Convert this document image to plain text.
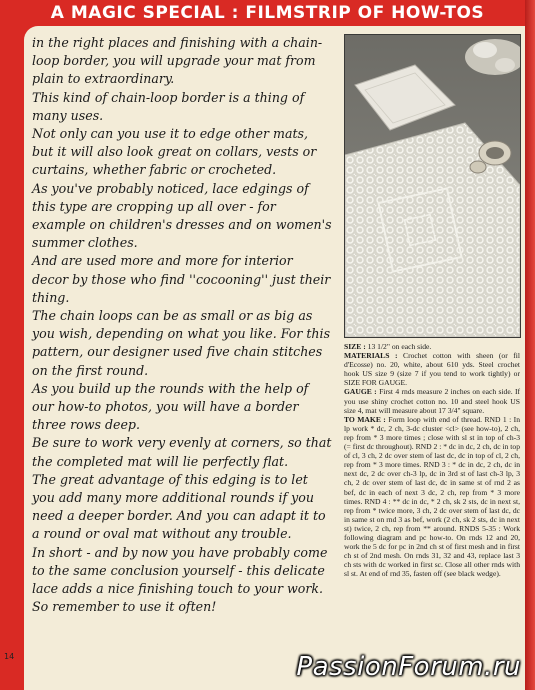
A MAGIC SPECIAL : FILMSTRIP OF HOW-TOS

in the right places and finishing with a chain-loop border, you will upgrade your mat from plain to extraordinary.

This kind of chain-loop border is a thing of many uses.

Not only can you use it to edge other mats, but it will also look great on collars, vests or curtains, whether fabric or crocheted.

As you've probably noticed, lace edgings of this type are cropping up all over - for example on children's dresses and on women's summer clothes.

And are used more and more for interior decor by those who find ''cocooning'' just their thing.

The chain loops can be as small or as big as you wish, depending on what you like. For this pattern, our designer used five chain stitches on the first round.

As you build up the rounds with the help of our how-to photos, you will have a border three rows deep.

Be sure to work very evenly at corners, so that the completed mat will lie perfectly flat.

The great advantage of this edging is to let you add many more additional rounds if you need a deeper border. And you can adapt it to a round or oval mat without any trouble.

In short - and by now you have probably come to the same conclusion yourself - this delicate lace adds a nice finishing touch to your work.

So remember to use it often!

SIZE : 13 1/2" on each side.

MATERIALS : Crochet cotton with sheen (or fil d'Ecosse) no. 20, white, about 610 yds. Steel crochet hook US size 9 (size 7 if you tend to work tightly) or SIZE FOR GAUGE.

GAUGE : First 4 rnds measure 2 inches on each side. If you use shiny crochet cotton no. 10 and steel hook US size 4, mat will measure about 17 3/4" square.

TO MAKE : Form loop with end of thread. RND 1 : In lp work * dc, 2 ch, 3-dc cluster <cl> (see how-to), 2 ch, rep from * 3 more times ; close with sl st in top of ch-3 (= first dc throughout). RND 2 : * dc in dc, 2 ch, dc in top of cl, 3 ch, 2 dc over stem of last dc, dc in top of cl, 2 ch, rep from * 3 more times. RND 3 : * dc in dc, 2 ch, dc in next dc, 2 dc over ch-3 lp, dc in 3rd st of last ch-3 lp, 3 ch, 2 dc over stem of last dc, dc in same st of rnd 2 as bef, dc in each of next 3 dc, 2 ch, rep from * 3 more times. RND 4 : ** dc in dc, * 2 ch, sk 2 sts, dc in next st, rep from * twice more, 3 ch, 2 dc over stem of last dc, dc in same st on rnd 3 as bef, work (2 ch, sk 2 sts, dc in next st) twice, 2 ch, rep from ** around. RNDS 5-35 : Work following diagram and pc how-to. On rnds 12 and 20, work the 5 dc for pc in 2nd ch st of first mesh and in first ch st of 2nd mesh. On rnds 31, 32 and 43, replace last 3 ch sts with dc worked in first sc. Close all other rnds with sl st. At end of rnd 35, fasten off (see black wedge).

14	PassionForum.ru
